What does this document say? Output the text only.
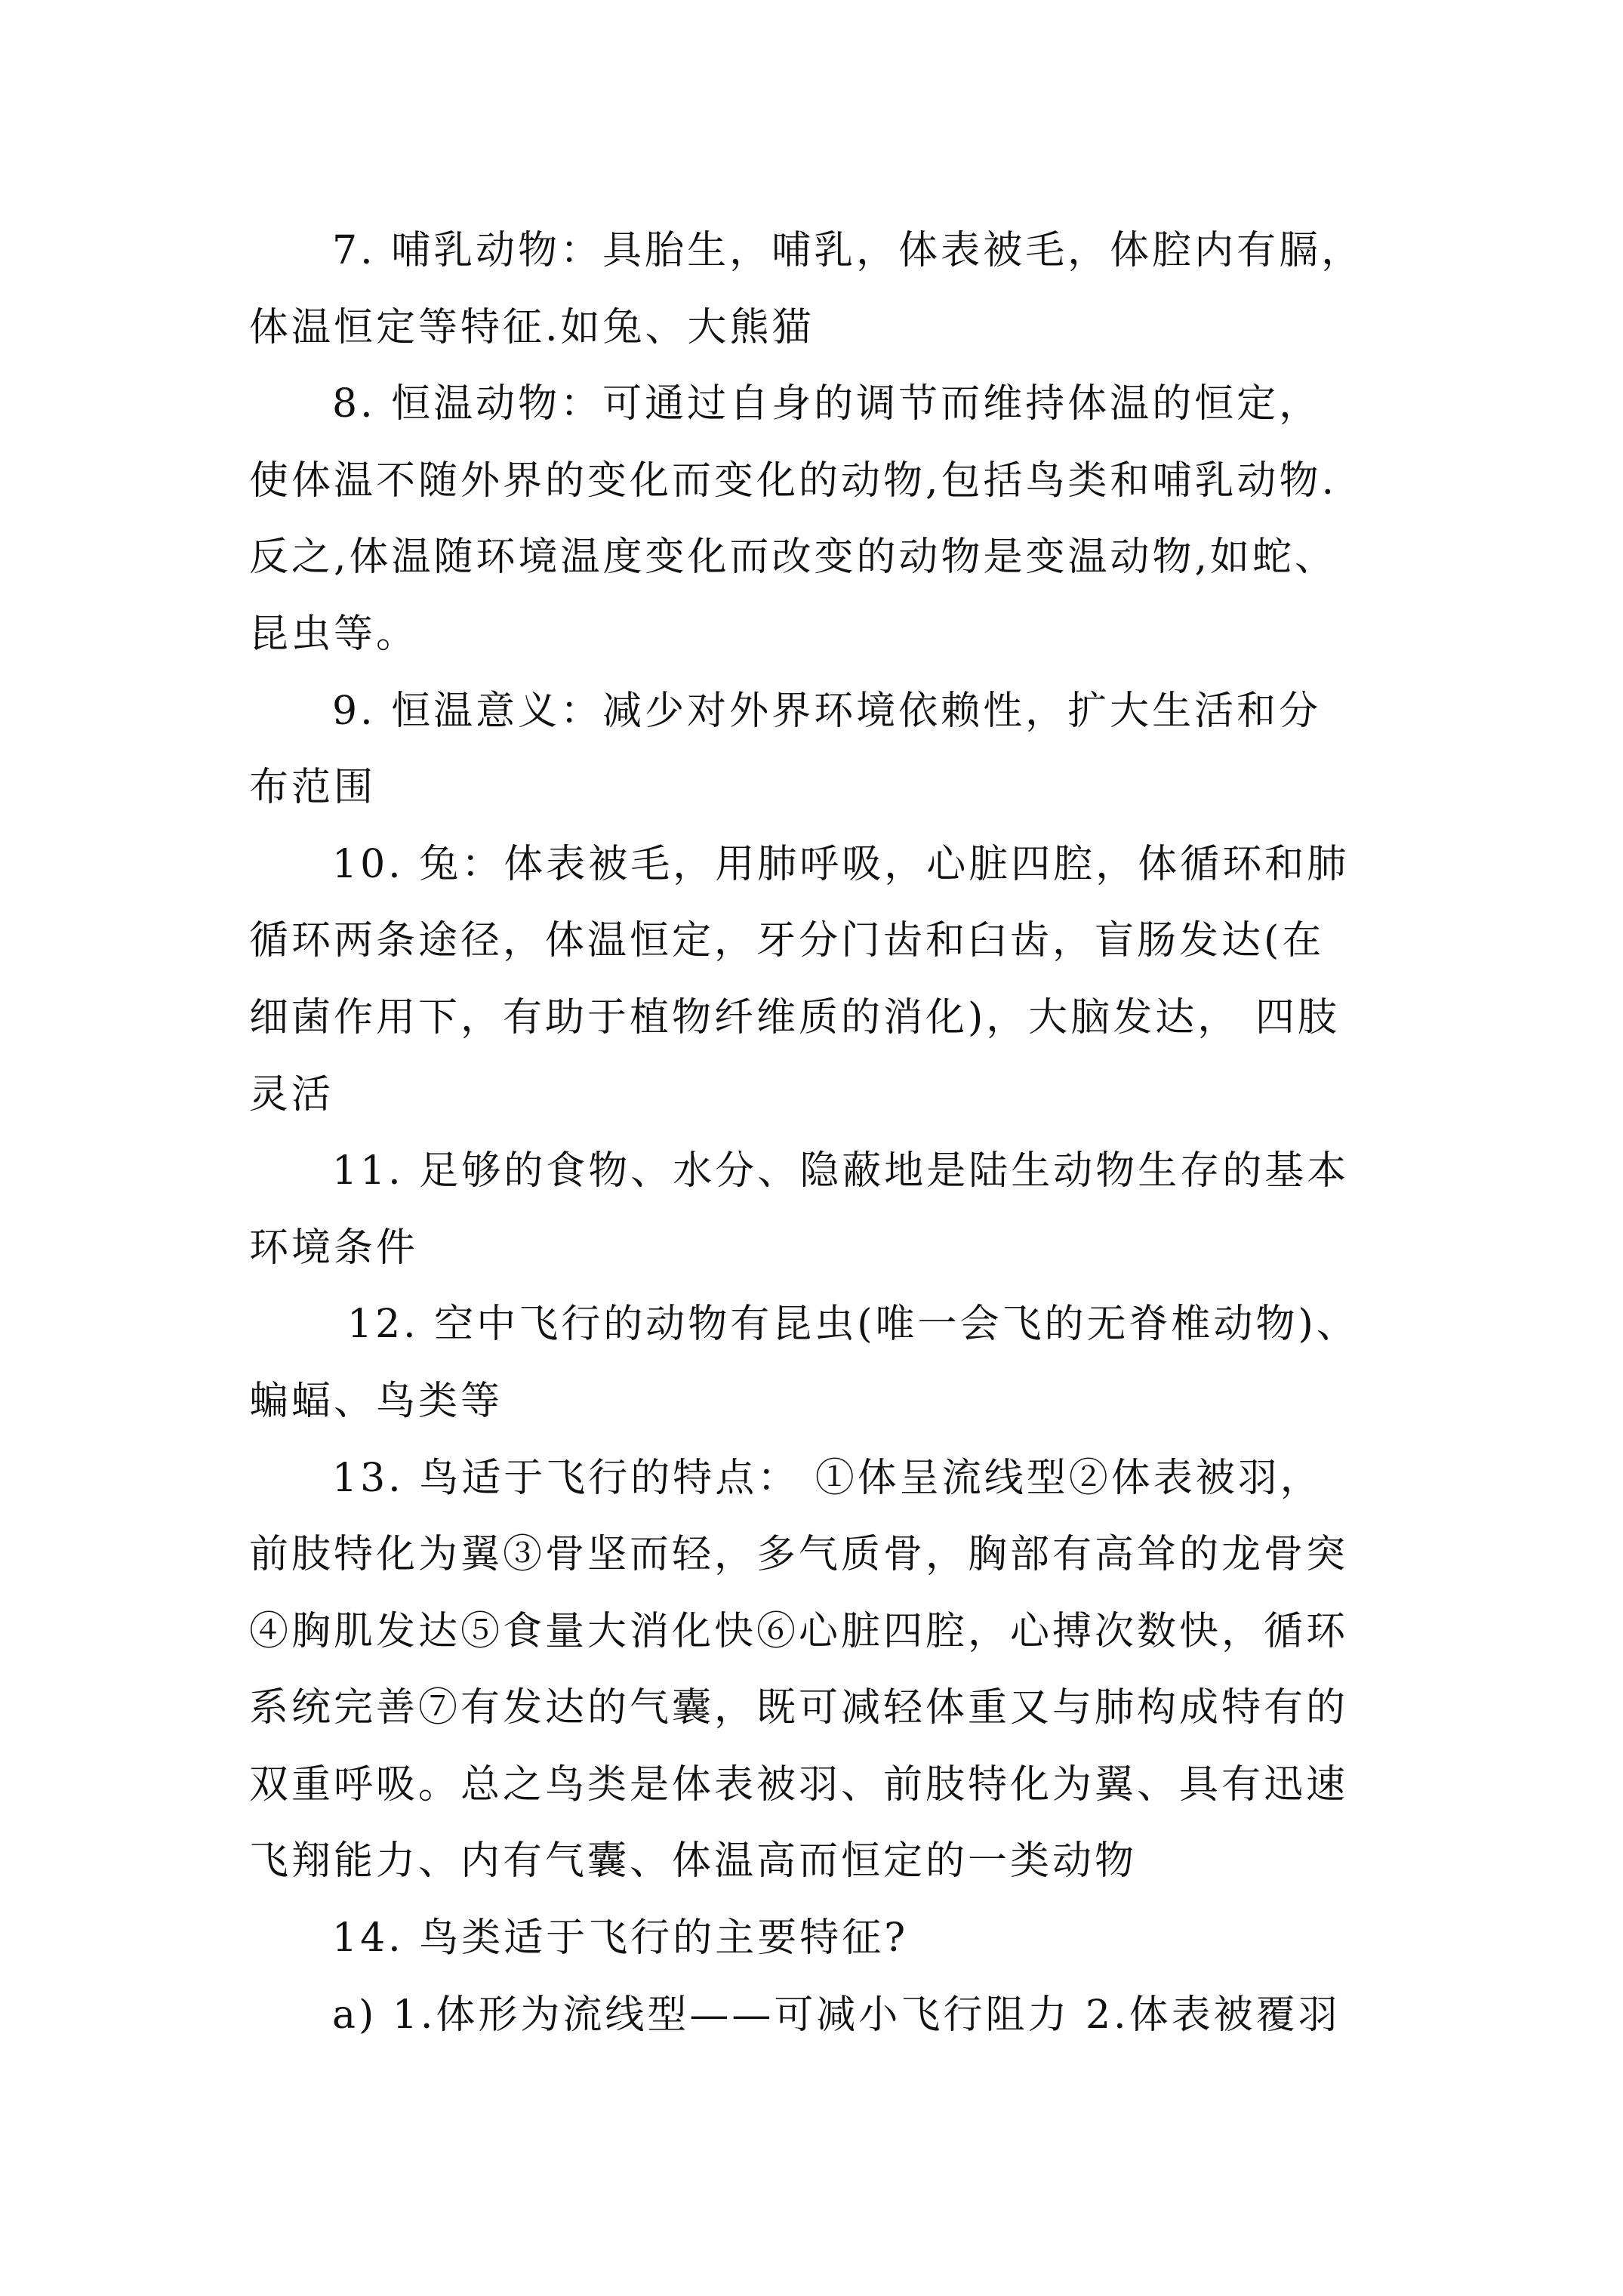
7. 哺乳动物：具胎生，哺乳，体表被毛，体腔内有膈，
体温恒定等特征.如兔、大熊猫

8. 恒温动物：可通过自身的调节而维持体温的恒定，
使体温不随外界的变化而变化的动物,包括鸟类和哺乳动物.
反之,体温随环境温度变化而改变的动物是变温动物,如蛇、
昆虫等。

9. 恒温意义：减少对外界环境依赖性，扩大生活和分
布范围

10. 兔：体表被毛，用肺呼吸，心脏四腔，体循环和肺
循环两条途径，体温恒定，牙分门齿和臼齿，盲肠发达(在
细菌作用下，有助于植物纤维质的消化)，大脑发达， 四肢
灵活

11. 足够的食物、水分、隐蔽地是陆生动物生存的基本
环境条件

12. 空中飞行的动物有昆虫(唯一会飞的无脊椎动物)、
蝙蝠、鸟类等

13. 鸟适于飞行的特点： ①体呈流线型②体表被羽，
前肢特化为翼③骨坚而轻，多气质骨，胸部有高耸的龙骨突
④胸肌发达⑤食量大消化快⑥心脏四腔，心搏次数快，循环
系统完善⑦有发达的气囊，既可减轻体重又与肺构成特有的
双重呼吸。总之鸟类是体表被羽、前肢特化为翼、具有迅速
飞翔能力、内有气囊、体温高而恒定的一类动物

14. 鸟类适于飞行的主要特征?

a) 1.体形为流线型——可减小飞行阻力 2.体表被覆羽
